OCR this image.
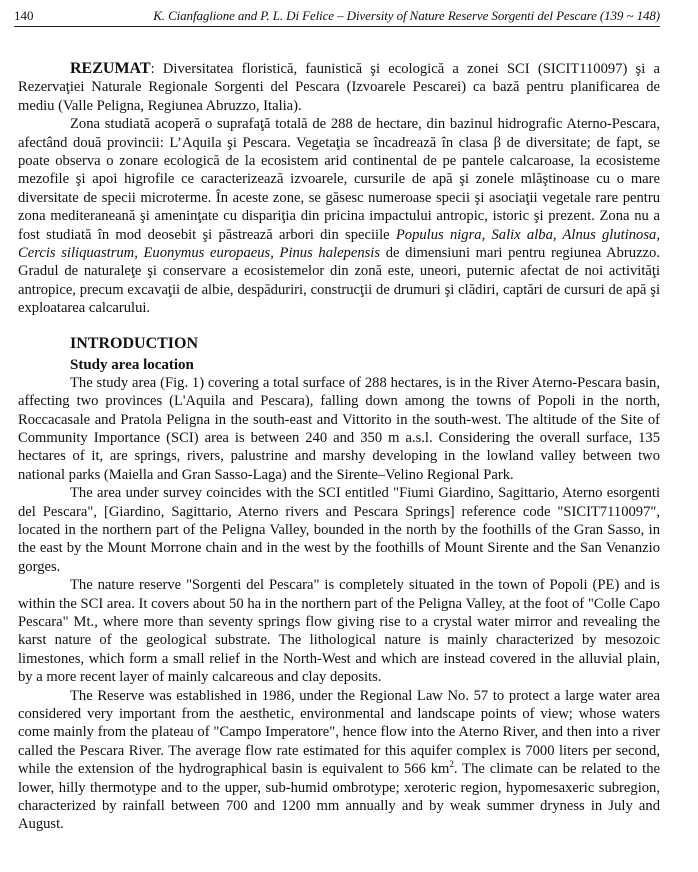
140	K. Cianfaglione and P. L. Di Felice – Diversity of Nature Reserve Sorgenti del Pescare (139 ~ 148)

REZUMAT: Diversitatea floristică, faunistică şi ecologică a zonei SCI (SICIT110097) şi a Rezervaţiei Naturale Regionale Sorgenti del Pescara (Izvoarele Pescarei) ca bază pentru planificarea de mediu (Valle Peligna, Regiunea Abruzzo, Italia).

Zona studiată acoperă o suprafaţă totală de 288 de hectare, din bazinul hidrografic Aterno-Pescara, afectând două provincii: L’Aquila şi Pescara. Vegetaţia se încadrează în clasa β de diversitate; de fapt, se poate observa o zonare ecologică de la ecosistem arid continental de pe pantele calcaroase, la ecosisteme mezofile şi apoi higrofile ce caracterizează izvoarele, cursurile de apă şi zonele mlăştinoase cu o mare diversitate de specii microterme. În aceste zone, se găsesc numeroase specii şi asociaţii vegetale rare pentru zona mediteraneană şi ameninţate cu dispariţia din pricina impactului antropic, istoric şi prezent. Zona nu a fost studiată în mod deosebit şi păstrează arbori din speciile Populus nigra, Salix alba, Alnus glutinosa, Cercis siliquastrum, Euonymus europaeus, Pinus halepensis de dimensiuni mari pentru regiunea Abruzzo. Gradul de naturaleţe şi conservare a ecosistemelor din zonă este, uneori, puternic afectat de noi activităţi antropice, precum excavaţii de albie, despăduriri, construcţii de drumuri şi clădiri, captări de cursuri de apă şi exploatarea calcarului.

INTRODUCTION
Study area location

The study area (Fig. 1) covering a total surface of 288 hectares, is in the River Aterno-Pescara basin, affecting two provinces (L'Aquila and Pescara), falling down among the towns of Popoli in the north, Roccacasale and Pratola Peligna in the south-east and Vittorito in the south-west. The altitude of the Site of Community Importance (SCI) area is between 240 and 350 m a.s.l. Considering the overall surface, 135 hectares of it, are springs, rivers, palustrine and marshy developing in the lowland valley between two national parks (Maiella and Gran Sasso-Laga) and the Sirente–Velino Regional Park.

The area under survey coincides with the SCI entitled "Fiumi Giardino, Sagittario, Aterno esorgenti del Pescara", [Giardino, Sagittario, Aterno rivers and Pescara Springs] reference code "SICIT7110097", located in the northern part of the Peligna Valley, bounded in the north by the foothills of the Gran Sasso, in the east by the Mount Morrone chain and in the west by the foothills of Mount Sirente and the San Venanzio gorges.

The nature reserve "Sorgenti del Pescara" is completely situated in the town of Popoli (PE) and is within the SCI area. It covers about 50 ha in the northern part of the Peligna Valley, at the foot of "Colle Capo Pescara" Mt., where more than seventy springs flow giving rise to a crystal water mirror and revealing the karst nature of the geological substrate. The lithological nature is mainly characterized by mesozoic limestones, which form a small relief in the North-West and which are instead covered in the alluvial plain, by a more recent layer of mainly calcareous and clay deposits.

The Reserve was established in 1986, under the Regional Law No. 57 to protect a large water area considered very important from the aesthetic, environmental and landscape points of view; whose waters come mainly from the plateau of "Campo Imperatore", hence flow into the Aterno River, and then into a river called the Pescara River. The average flow rate estimated for this aquifer complex is 7000 liters per second, while the extension of the hydrographical basin is equivalent to 566 $km^2$. The climate can be related to the lower, hilly thermotype and to the upper, sub-humid ombrotype; xeroteric region, hypomesaxeric subregion, characterized by rainfall between 700 and 1200 mm annually and by weak summer dryness in July and August.
